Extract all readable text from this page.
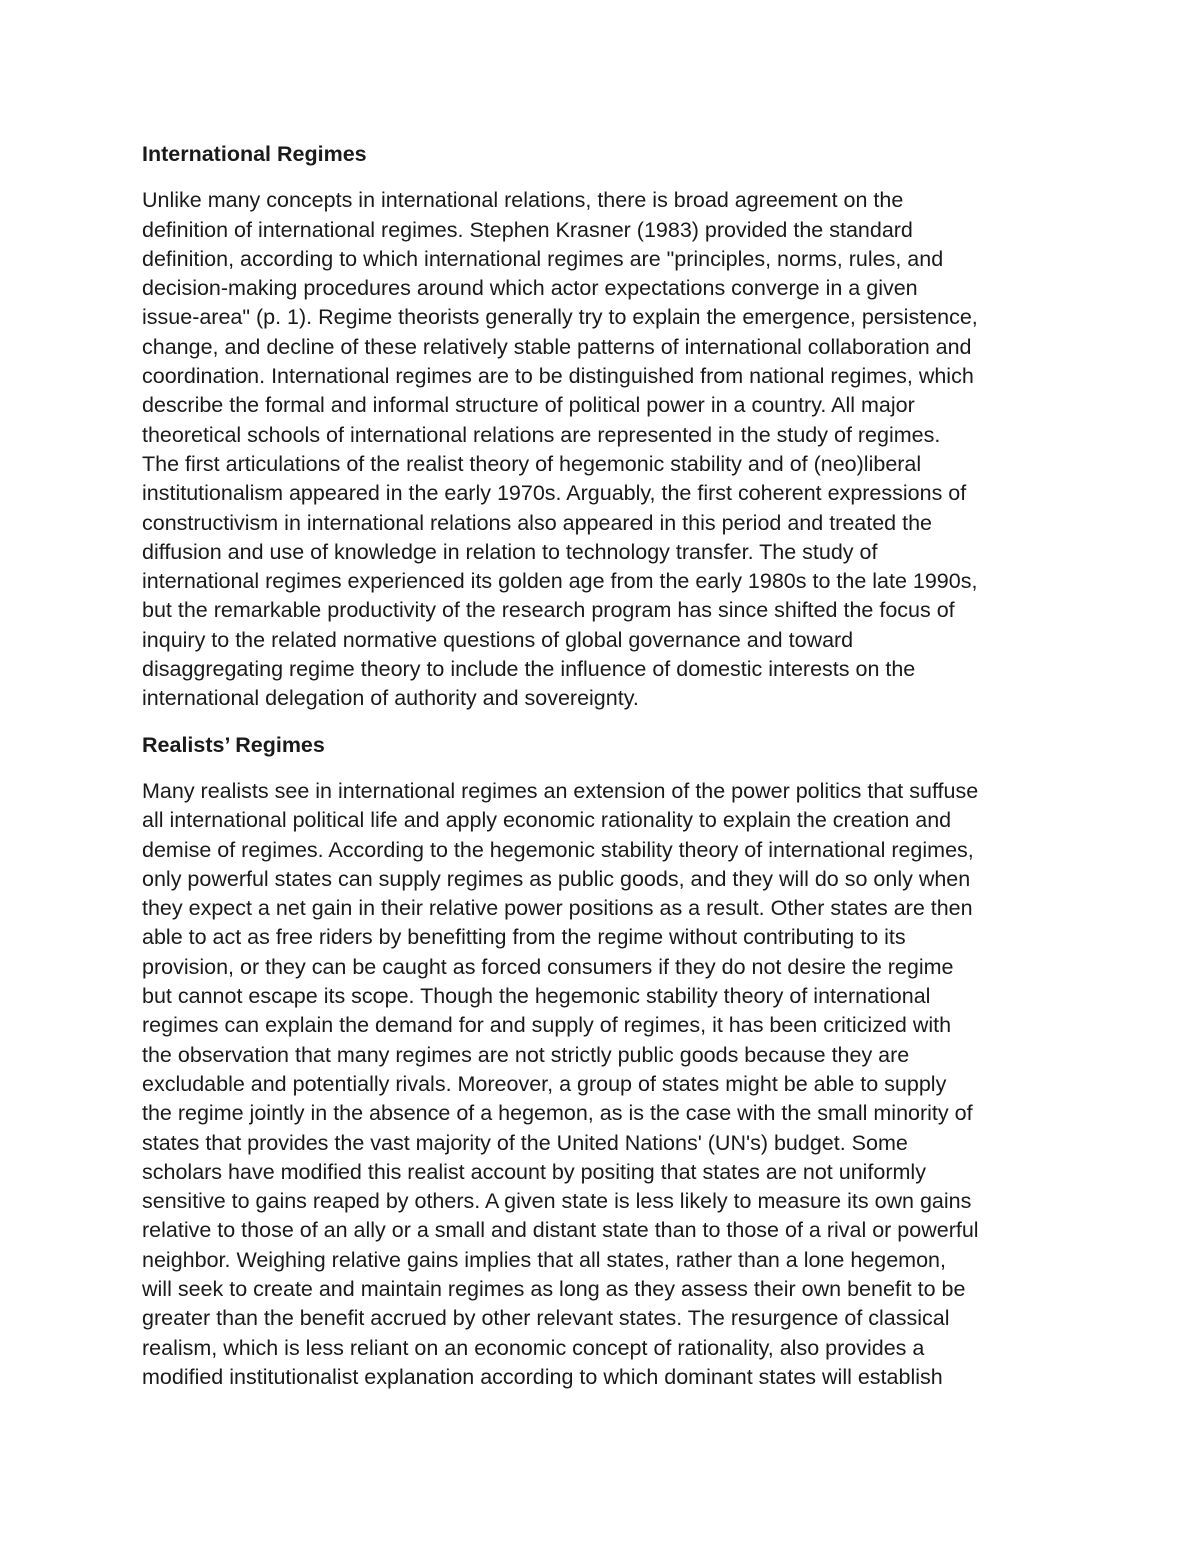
International Regimes

Unlike many concepts in international relations, there is broad agreement on the
definition of international regimes. Stephen Krasner (1983) provided the standard
definition, according to which international regimes are "principles, norms, rules, and
decision-making procedures around which actor expectations converge in a given
issue-area" (p. 1). Regime theorists generally try to explain the emergence, persistence,
change, and decline of these relatively stable patterns of international collaboration and
coordination. International regimes are to be distinguished from national regimes, which
describe the formal and informal structure of political power in a country. All major
theoretical schools of international relations are represented in the study of regimes.
The first articulations of the realist theory of hegemonic stability and of (neo)liberal
institutionalism appeared in the early 1970s. Arguably, the first coherent expressions of
constructivism in international relations also appeared in this period and treated the
diffusion and use of knowledge in relation to technology transfer. The study of
international regimes experienced its golden age from the early 1980s to the late 1990s,
but the remarkable productivity of the research program has since shifted the focus of
inquiry to the related normative questions of global governance and toward
disaggregating regime theory to include the influence of domestic interests on the
international delegation of authority and sovereignty.

Realists’ Regimes

Many realists see in international regimes an extension of the power politics that suffuse
all international political life and apply economic rationality to explain the creation and
demise of regimes. According to the hegemonic stability theory of international regimes,
only powerful states can supply regimes as public goods, and they will do so only when
they expect a net gain in their relative power positions as a result. Other states are then
able to act as free riders by benefitting from the regime without contributing to its
provision, or they can be caught as forced consumers if they do not desire the regime
but cannot escape its scope. Though the hegemonic stability theory of international
regimes can explain the demand for and supply of regimes, it has been criticized with
the observation that many regimes are not strictly public goods because they are
excludable and potentially rivals. Moreover, a group of states might be able to supply
the regime jointly in the absence of a hegemon, as is the case with the small minority of
states that provides the vast majority of the United Nations' (UN's) budget. Some
scholars have modified this realist account by positing that states are not uniformly
sensitive to gains reaped by others. A given state is less likely to measure its own gains
relative to those of an ally or a small and distant state than to those of a rival or powerful
neighbor. Weighing relative gains implies that all states, rather than a lone hegemon,
will seek to create and maintain regimes as long as they assess their own benefit to be
greater than the benefit accrued by other relevant states. The resurgence of classical
realism, which is less reliant on an economic concept of rationality, also provides a
modified institutionalist explanation according to which dominant states will establish
